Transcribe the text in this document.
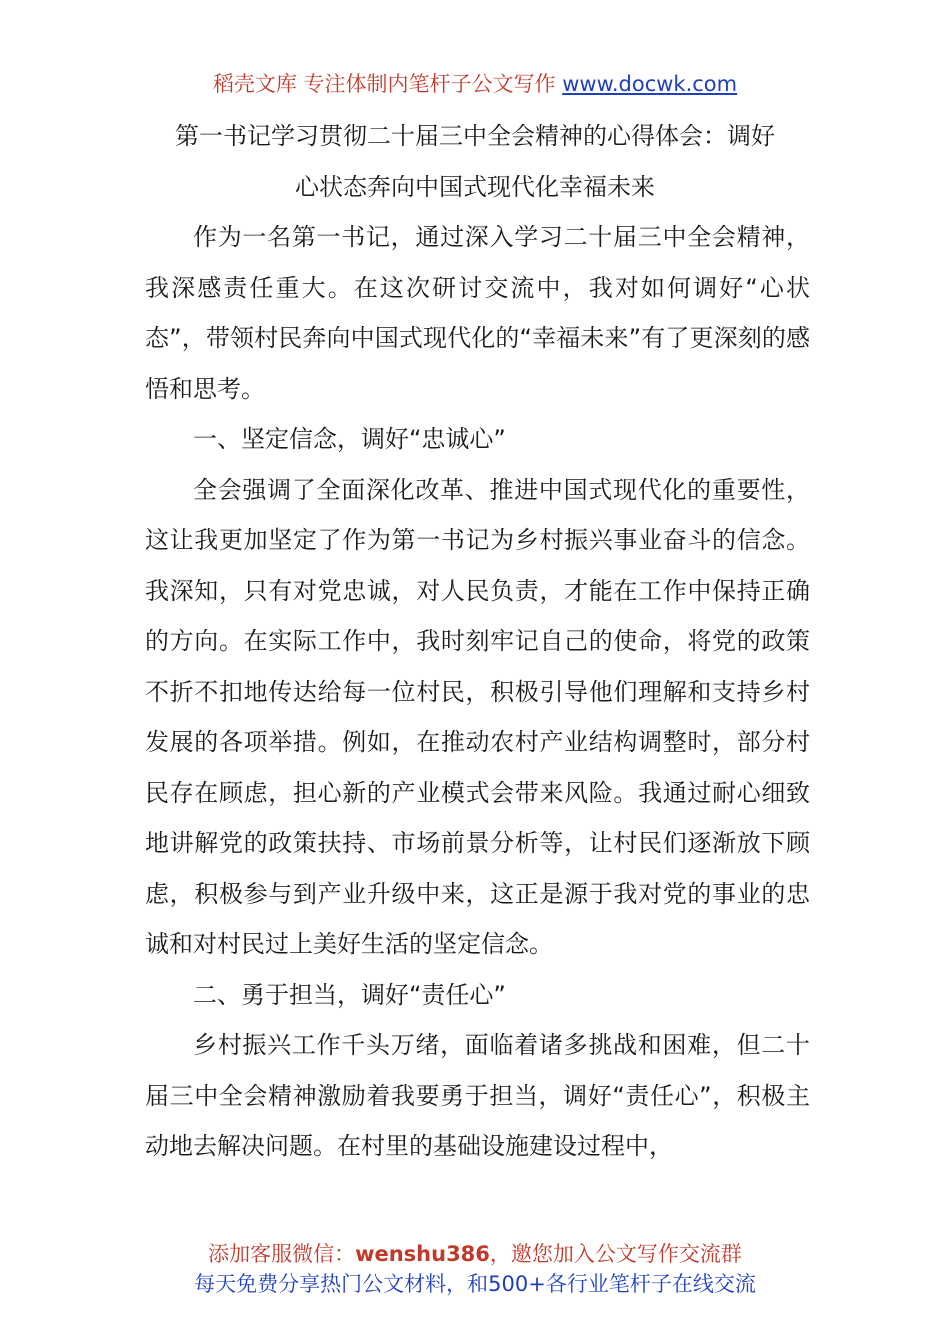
稻壳文库 专注体制内笔杆子公文写作 www.docwk.com
第一书记学习贯彻二十届三中全会精神的心得体会：调好
心状态奔向中国式现代化幸福未来

作为一名第一书记，通过深入学习二十届三中全会精神，我深感责任重大。在这次研讨交流中，我对如何调好“心状态”，带领村民奔向中国式现代化的“幸福未来”有了更深刻的感悟和思考。

一、坚定信念，调好“忠诚心”

全会强调了全面深化改革、推进中国式现代化的重要性，这让我更加坚定了作为第一书记为乡村振兴事业奋斗的信念。我深知，只有对党忠诚，对人民负责，才能在工作中保持正确的方向。在实际工作中，我时刻牢记自己的使命，将党的政策不折不扣地传达给每一位村民，积极引导他们理解和支持乡村发展的各项举措。例如，在推动农村产业结构调整时，部分村民存在顾虑，担心新的产业模式会带来风险。我通过耐心细致地讲解党的政策扶持、市场前景分析等，让村民们逐渐放下顾虑，积极参与到产业升级中来，这正是源于我对党的事业的忠诚和对村民过上美好生活的坚定信念。

二、勇于担当，调好“责任心”

乡村振兴工作千头万绪，面临着诸多挑战和困难，但二十届三中全会精神激励着我要勇于担当，调好“责任心”，积极主动地去解决问题。在村里的基础设施建设过程中，

添加客服微信：wenshu386，邀您加入公文写作交流群
每天免费分享热门公文材料，和500+各行业笔杆子在线交流
